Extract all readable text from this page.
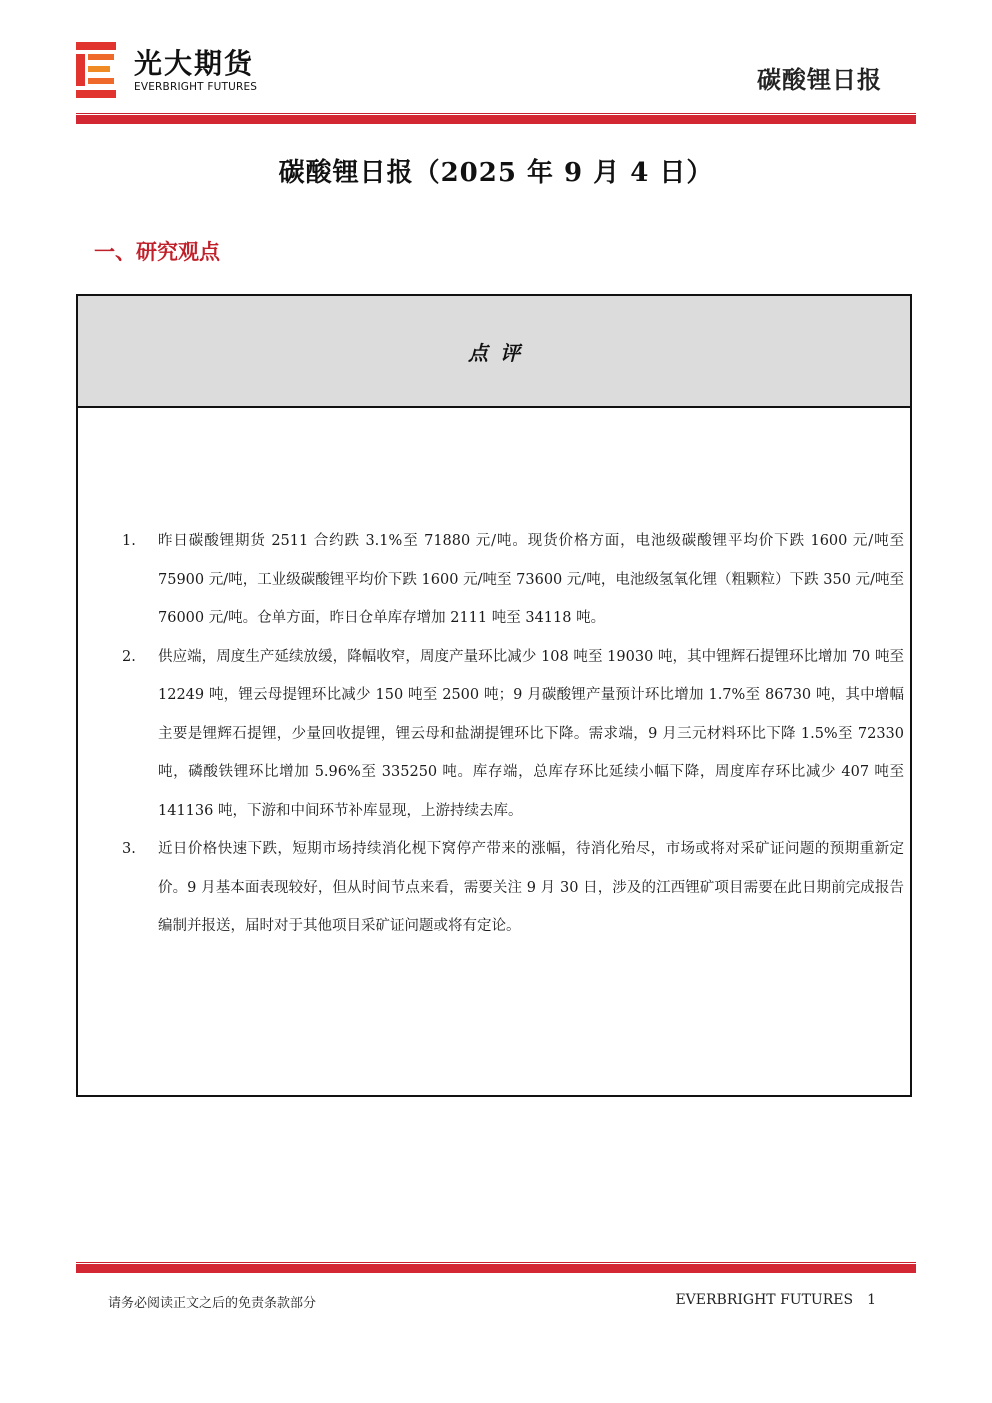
光大期货
EVERBRIGHT FUTURES	碳酸锂日报
碳酸锂日报（2025 年 9 月 4 日）
一、研究观点
点评
1. 昨日碳酸锂期货 2511 合约跌 3.1%至 71880 元/吨。现货价格方面，电池级碳酸锂平均价下跌 1600 元/吨至 75900 元/吨，工业级碳酸锂平均价下跌 1600 元/吨至 73600 元/吨，电池级氢氧化锂（粗颗粒）下跌 350 元/吨至 76000 元/吨。仓单方面，昨日仓单库存增加 2111 吨至 34118 吨。
2. 供应端，周度生产延续放缓，降幅收窄，周度产量环比减少 108 吨至 19030 吨，其中锂辉石提锂环比增加 70 吨至 12249 吨，锂云母提锂环比减少 150 吨至 2500 吨；9 月碳酸锂产量预计环比增加 1.7%至 86730 吨，其中增幅主要是锂辉石提锂，少量回收提锂，锂云母和盐湖提锂环比下降。需求端，9 月三元材料环比下降 1.5%至 72330 吨，磷酸铁锂环比增加 5.96%至 335250 吨。库存端，总库存环比延续小幅下降，周度库存环比减少 407 吨至 141136 吨，下游和中间环节补库显现，上游持续去库。
3. 近日价格快速下跌，短期市场持续消化枧下窝停产带来的涨幅，待消化殆尽，市场或将对采矿证问题的预期重新定价。9 月基本面表现较好，但从时间节点来看，需要关注 9 月 30 日，涉及的江西锂矿项目需要在此日期前完成报告编制并报送，届时对于其他项目采矿证问题或将有定论。
请务必阅读正文之后的免责条款部分	EVERBRIGHT FUTURES 1
